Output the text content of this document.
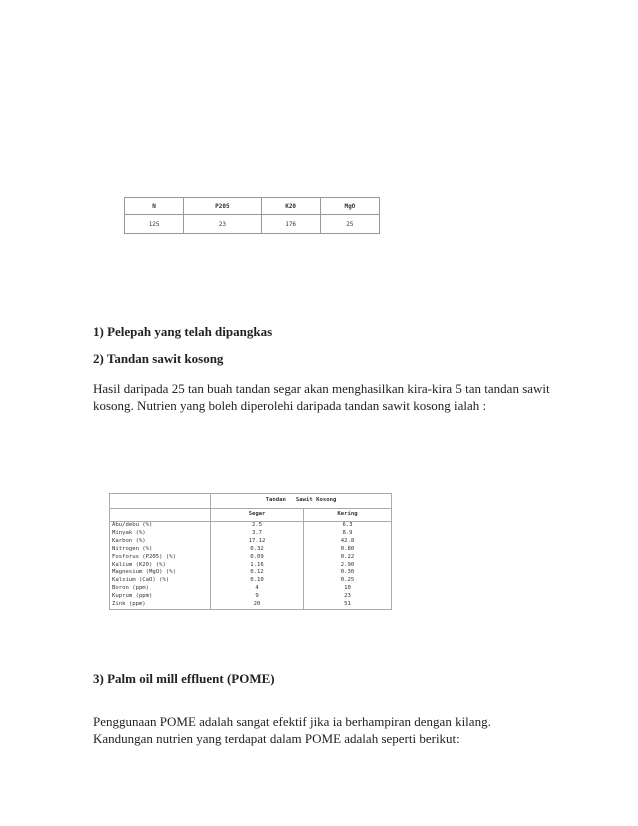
N	P205	K20	MgO
125	23	176	25
1) Pelepah yang telah dipangkas
2) Tandan sawit kosong
Hasil daripada 25 tan buah tandan segar akan menghasilkan kira-kira 5 tan tandan sawit kosong. Nutrien yang boleh diperolehi daripada tandan sawit kosong ialah :
	Tandan   Sawit Kosong	
	Segar	Kering
Abu/debu (%)	2.5	6.3
Minyak (%)	3.7	8.9
Karbon (%)	17.12	42.8
Nitrogen (%)	0.32	0.80
Fosforus (P205) (%)	0.09	0.22
Kalium (K20) (%)	1.16	2.90
Magnesium (MgO) (%)	0.12	0.30
Kalsium (CaO) (%)	0.10	0.25
Boron (ppm)	4	10
Kuprum (ppm)	9	23
Zink (ppm)	20	51
3) Palm oil mill effluent (POME)
Penggunaan POME adalah sangat efektif jika ia berhampiran dengan kilang. Kandungan nutrien yang terdapat dalam POME adalah seperti berikut:
